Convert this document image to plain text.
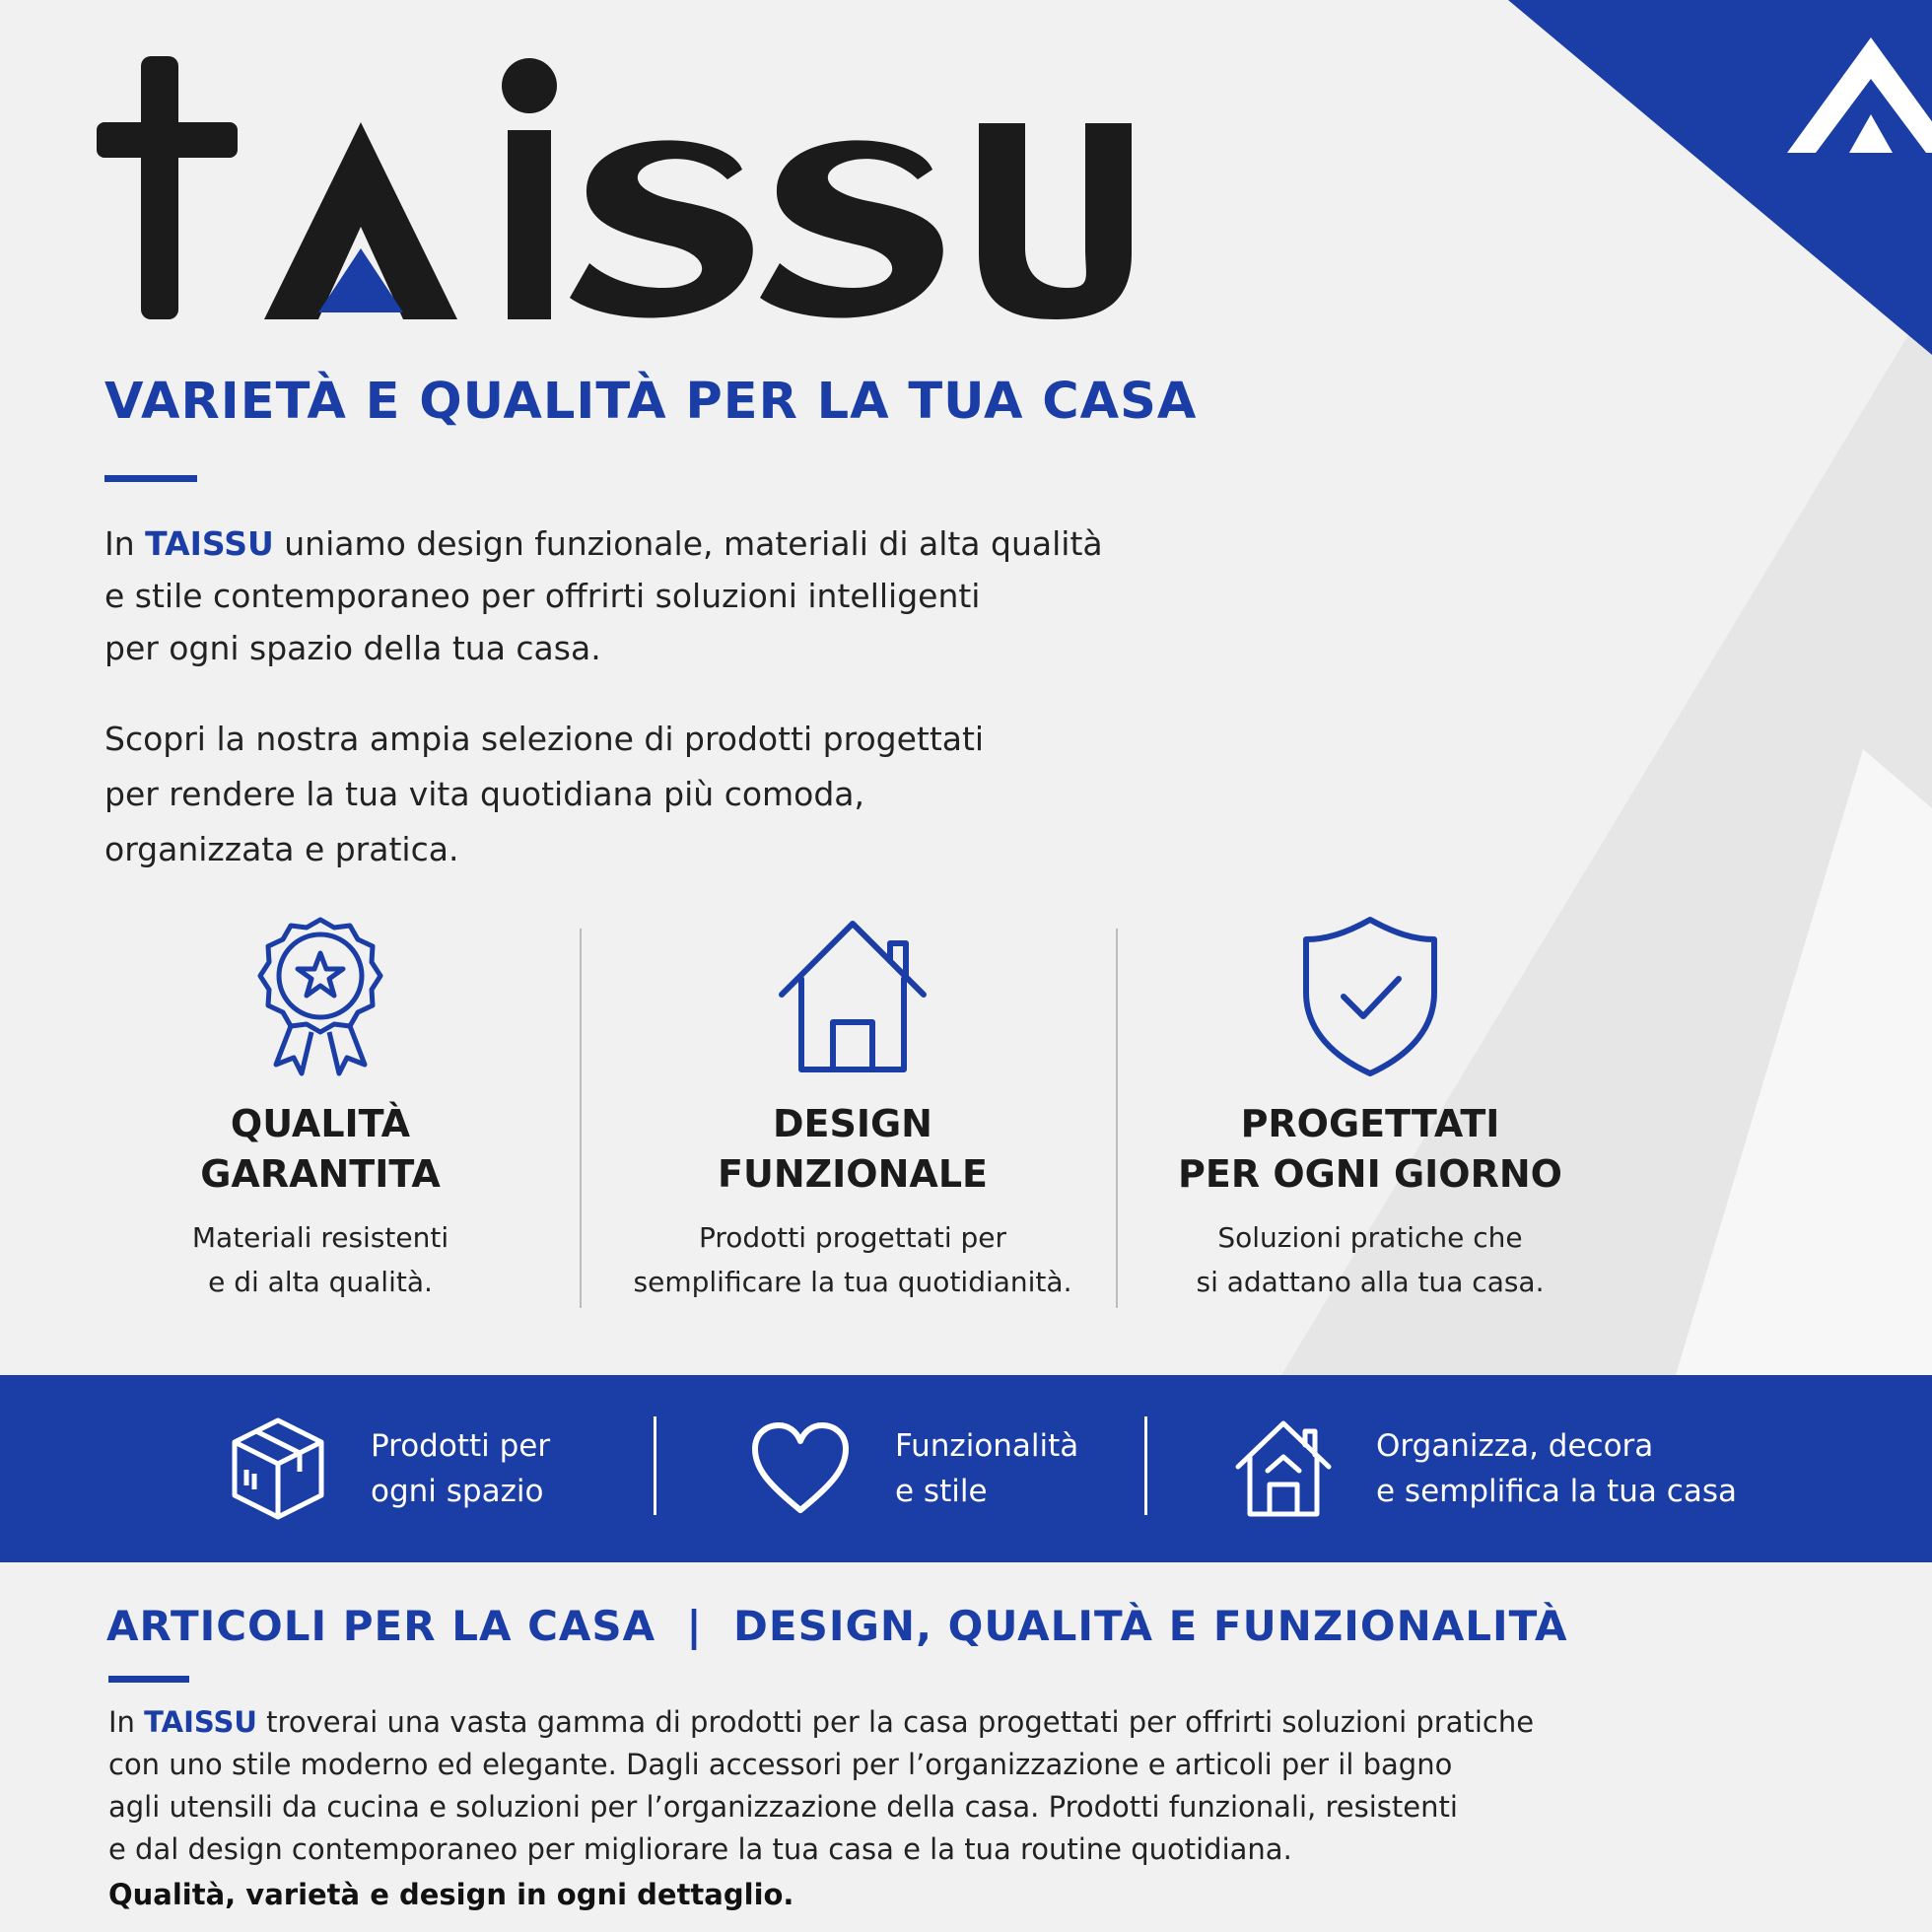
VARIETÀ E QUALITÀ PER LA TUA CASA
In TAISSU uniamo design funzionale, materiali di alta qualità
e stile contemporaneo per offrirti soluzioni intelligenti
per ogni spazio della tua casa.
Scopri la nostra ampia selezione di prodotti progettati
per rendere la tua vita quotidiana più comoda,
organizzata e pratica.
QUALITÀ
GARANTITA
Materiali resistenti
e di alta qualità.
DESIGN
FUNZIONALE
Prodotti progettati per
semplificare la tua quotidianità.
PROGETTATI
PER OGNI GIORNO
Soluzioni pratiche che
si adattano alla tua casa.
Prodotti per
ogni spazio
Funzionalità
e stile
Organizza, decora
e semplifica la tua casa
ARTICOLI PER LA CASA  |  DESIGN, QUALITÀ E FUNZIONALITÀ
In TAISSU troverai una vasta gamma di prodotti per la casa progettati per offrirti soluzioni pratiche
con uno stile moderno ed elegante. Dagli accessori per l’organizzazione e articoli per il bagno
agli utensili da cucina e soluzioni per l’organizzazione della casa. Prodotti funzionali, resistenti
e dal design contemporaneo per migliorare la tua casa e la tua routine quotidiana.
Qualità, varietà e design in ogni dettaglio.
